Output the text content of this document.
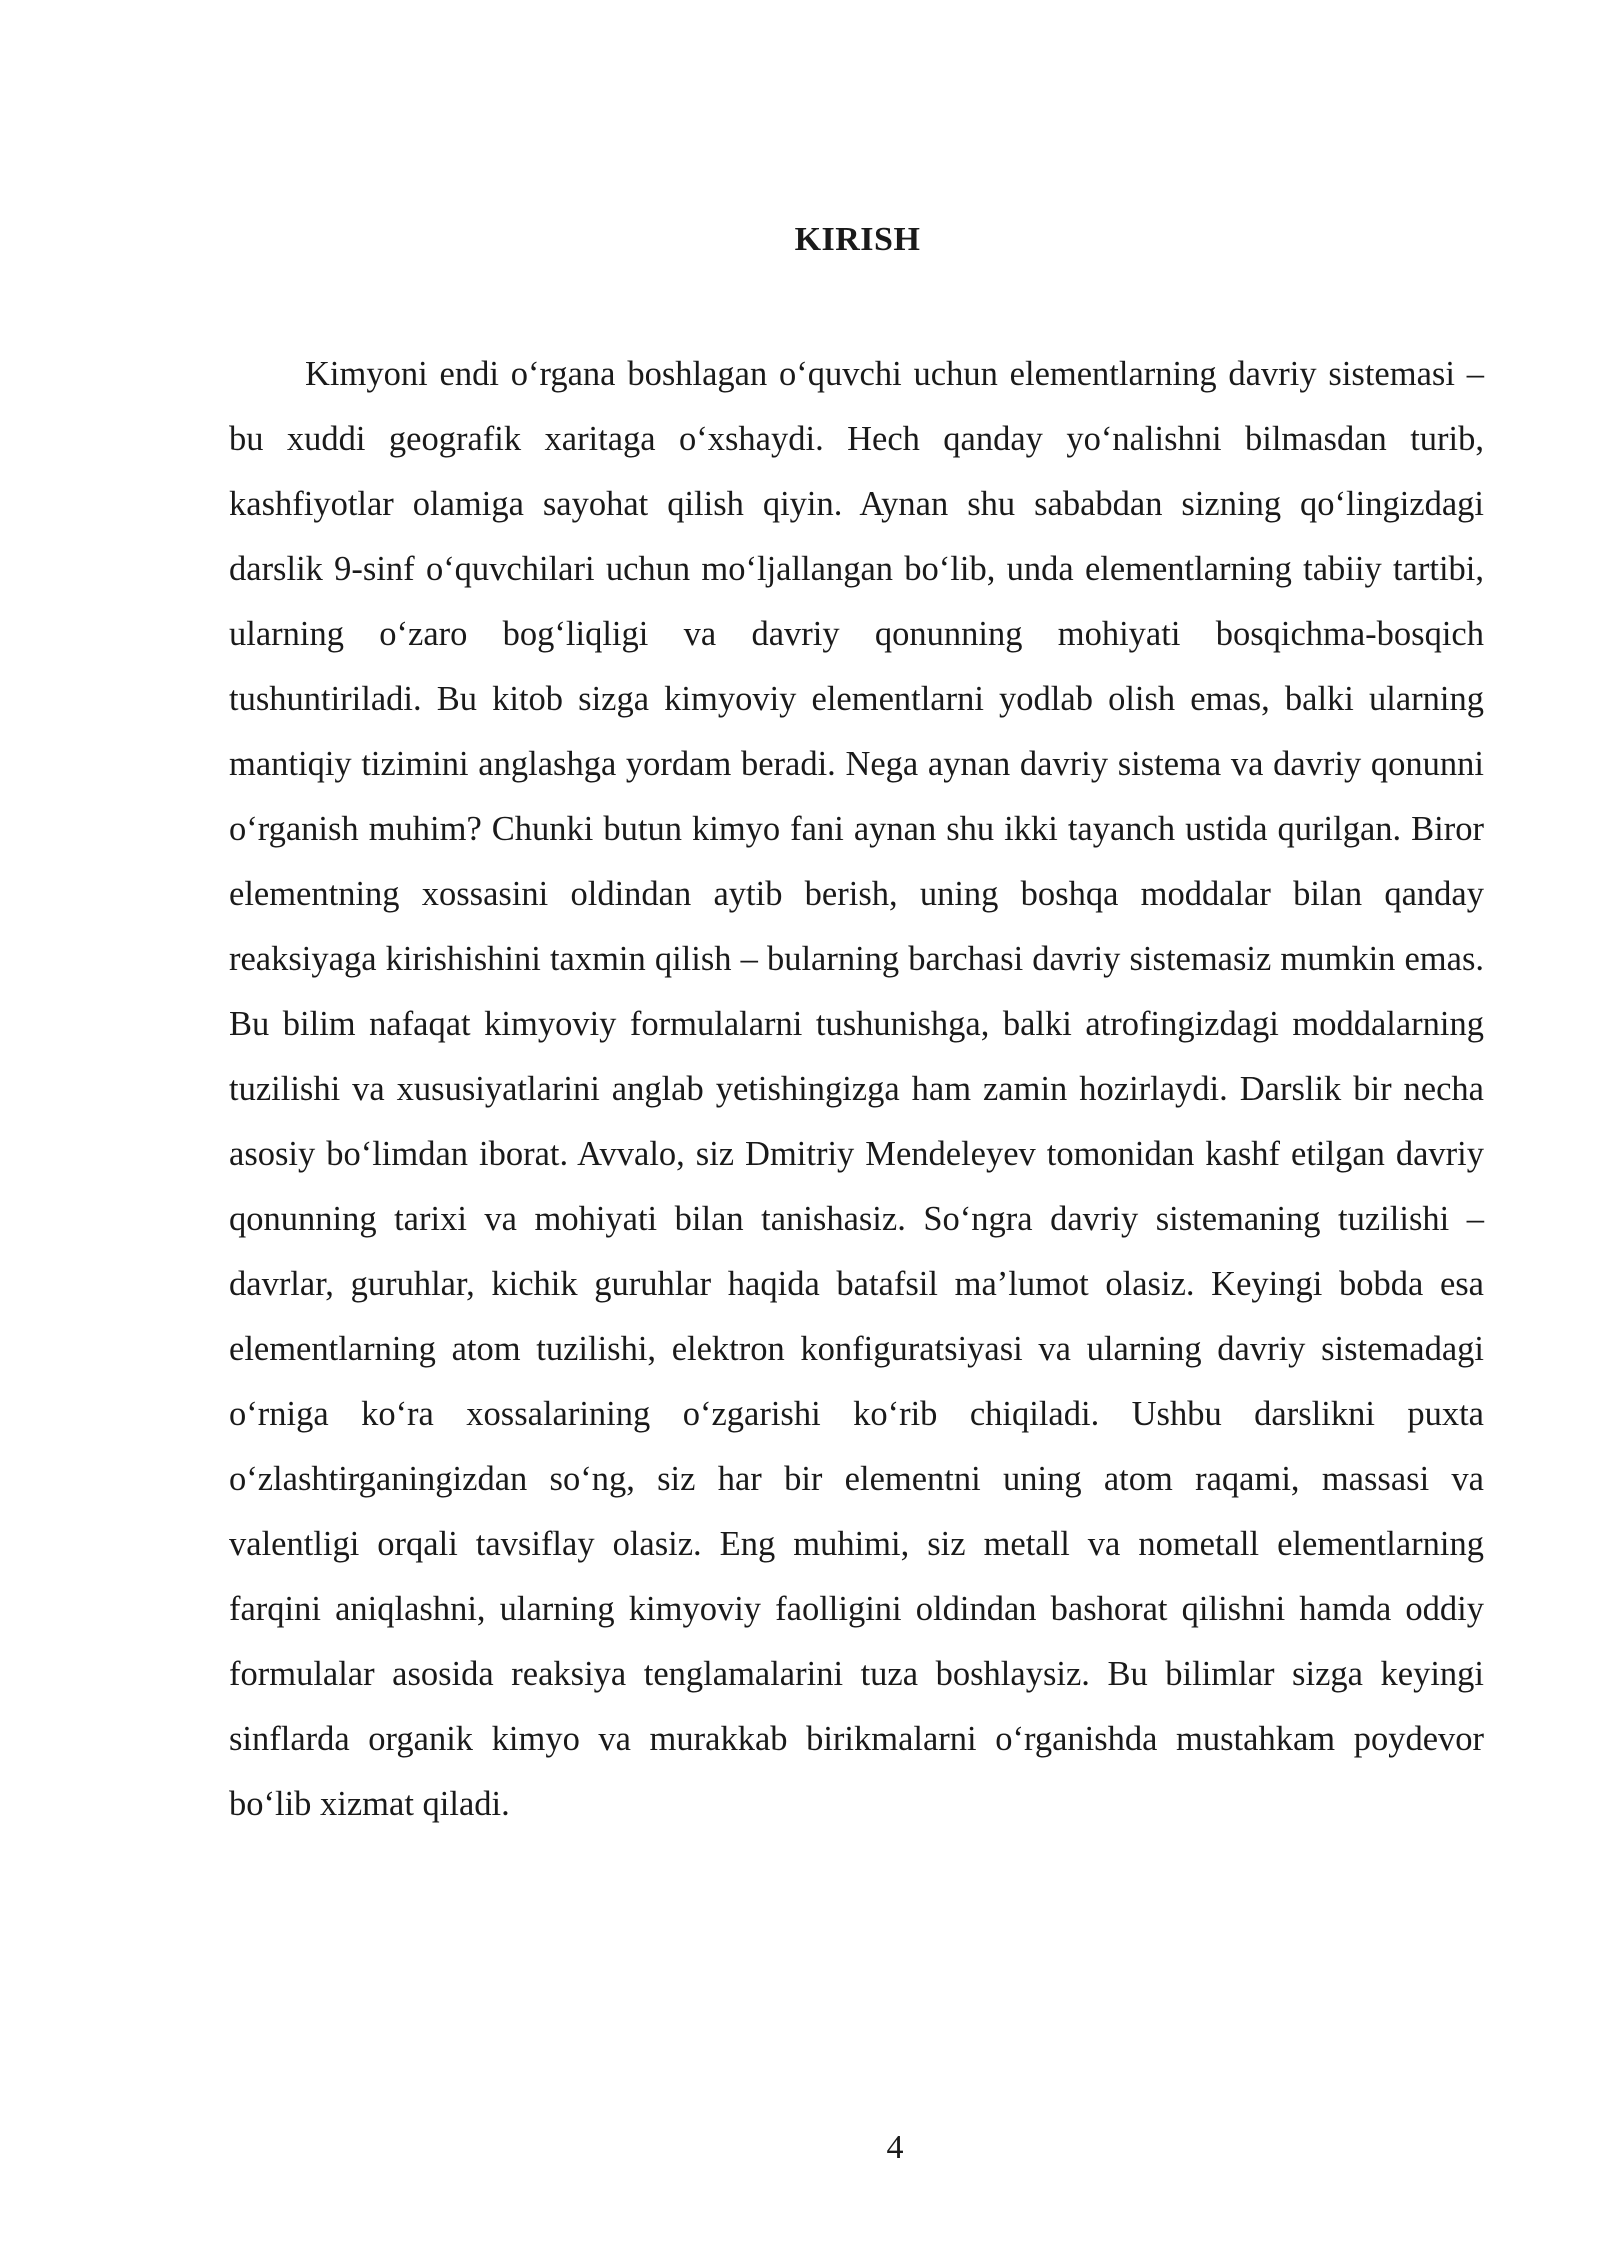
KIRISH

Kimyoni endi o‘rgana boshlagan o‘quvchi uchun elementlarning davriy sistemasi – bu xuddi geografik xaritaga o‘xshaydi. Hech qanday yo‘nalishni bilmasdan turib, kashfiyotlar olamiga sayohat qilish qiyin. Aynan shu sababdan sizning qo‘lingizdagi darslik 9-sinf o‘quvchilari uchun mo‘ljallangan bo‘lib, unda elementlarning tabiiy tartibi, ularning o‘zaro bog‘liqligi va davriy qonunning mohiyati bosqichma-bosqich tushuntiriladi. Bu kitob sizga kimyoviy elementlarni yodlab olish emas, balki ularning mantiqiy tizimini anglashga yordam beradi. Nega aynan davriy sistema va davriy qonunni o‘rganish muhim? Chunki butun kimyo fani aynan shu ikki tayanch ustida qurilgan. Biror elementning xossasini oldindan aytib berish, uning boshqa moddalar bilan qanday reaksiyaga kirishishini taxmin qilish – bularning barchasi davriy sistemasiz mumkin emas. Bu bilim nafaqat kimyoviy formulalarni tushunishga, balki atrofingizdagi moddalarning tuzilishi va xususiyatlarini anglab yetishingizga ham zamin hozirlaydi. Darslik bir necha asosiy bo‘limdan iborat. Avvalo, siz Dmitriy Mendeleyev tomonidan kashf etilgan davriy qonunning tarixi va mohiyati bilan tanishasiz. So‘ngra davriy sistemaning tuzilishi – davrlar, guruhlar, kichik guruhlar haqida batafsil ma’lumot olasiz. Keyingi bobda esa elementlarning atom tuzilishi, elektron konfiguratsiyasi va ularning davriy sistemadagi o‘rniga ko‘ra xossalarining o‘zgarishi ko‘rib chiqiladi. Ushbu darslikni puxta o‘zlashtirganingizdan so‘ng, siz har bir elementni uning atom raqami, massasi va valentligi orqali tavsiflay olasiz. Eng muhimi, siz metall va nometall elementlarning farqini aniqlashni, ularning kimyoviy faolligini oldindan bashorat qilishni hamda oddiy formulalar asosida reaksiya tenglamalarini tuza boshlaysiz. Bu bilimlar sizga keyingi sinflarda organik kimyo va murakkab birikmalarni o‘rganishda mustahkam poydevor bo‘lib xizmat qiladi.

4
